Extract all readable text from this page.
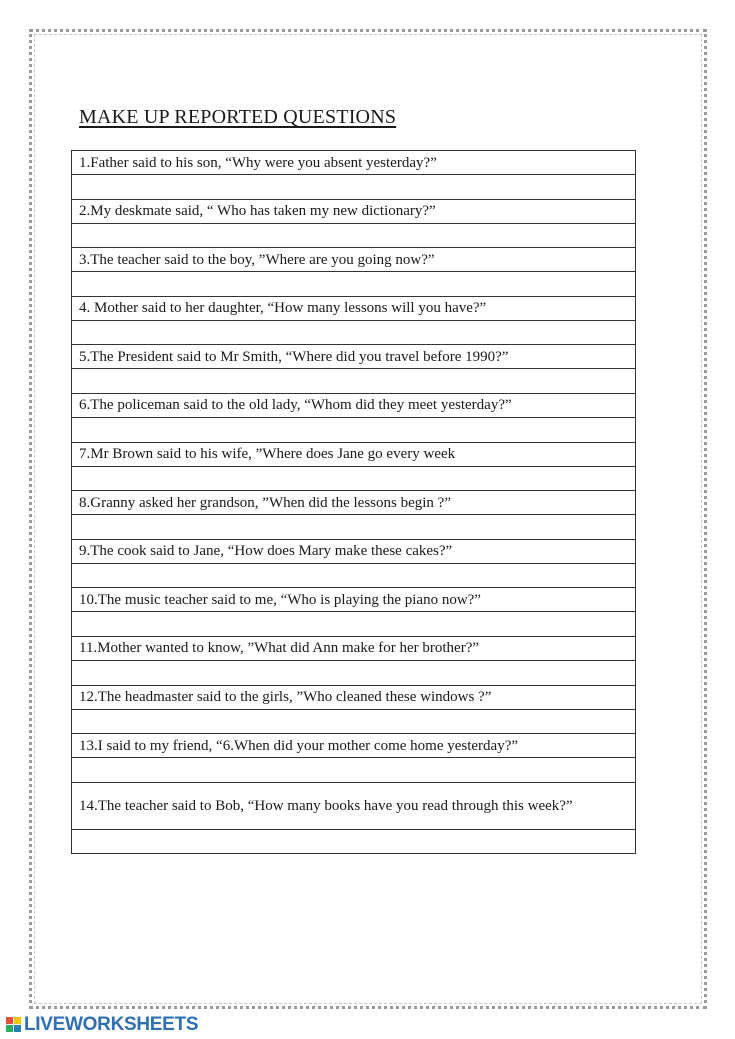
MAKE UP REPORTED QUESTIONS
1.Father said to his son, “Why were you absent yesterday?”

2.My deskmate said, “ Who has taken my new dictionary?”

3.The teacher said to the boy, ”Where are you going now?”

4. Mother said to her daughter, “How many lessons will you have?”

5.The President said to Mr Smith, “Where did you travel before 1990?”

6.The policeman said to the old lady, “Whom did they meet yesterday?”

7.Mr Brown said to his wife, ”Where does Jane go every week

8.Granny asked her grandson, ”When did the lessons begin ?”

9.The cook said to Jane, “How does Mary make these cakes?”

10.The music teacher said to me, “Who is playing the piano now?”

11.Mother wanted to know, ”What did Ann make for her brother?”

12.The headmaster said to the girls, ”Who cleaned these windows ?”

13.I said to my friend, “6.When did your mother come home yesterday?”

14.The teacher said to Bob, “How many books have you read through this week?”

LIVEWORKSHEETS
